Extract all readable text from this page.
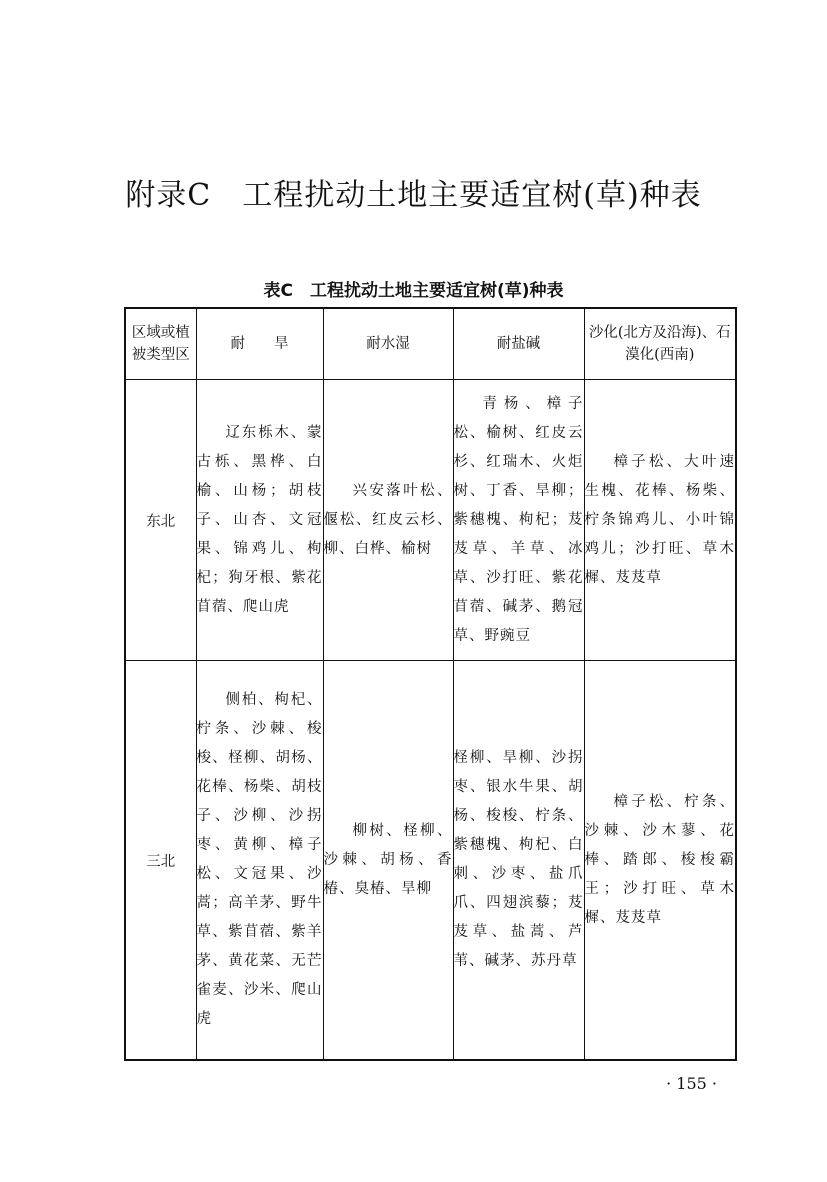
附录C　工程扰动土地主要适宜树(草)种表
表C　工程扰动土地主要适宜树(草)种表
区域或植被类型区	耐　　旱	耐水湿	耐盐碱	沙化(北方及沿海)、石漠化(西南)
东北	辽东栎木、蒙古栎、黑桦、白榆、山杨；胡枝子、山杏、文冠果、锦鸡儿、枸杞；狗牙根、紫花苜蓿、爬山虎	兴安落叶松、偃松、红皮云杉、柳、白桦、榆树	青杨、樟子松、榆树、红皮云杉、红瑞木、火炬树、丁香、旱柳；紫穗槐、枸杞；芨芨草、羊草、冰草、沙打旺、紫花苜蓿、碱茅、鹅冠草、野豌豆	樟子松、大叶速生槐、花棒、杨柴、柠条锦鸡儿、小叶锦鸡儿；沙打旺、草木樨、芨芨草
三北	侧柏、枸杞、柠条、沙棘、梭梭、柽柳、胡杨、花棒、杨柴、胡枝子、沙柳、沙拐枣、黄柳、樟子松、文冠果、沙蒿；高羊茅、野牛草、紫苜蓿、紫羊茅、黄花菜、无芒雀麦、沙米、爬山虎	柳树、柽柳、沙棘、胡杨、香椿、臭椿、旱柳	柽柳、旱柳、沙拐枣、银水牛果、胡杨、梭梭、柠条、紫穗槐、枸杞、白刺、沙枣、盐爪爪、四翅滨藜；芨芨草、盐蒿、芦苇、碱茅、苏丹草	樟子松、柠条、沙棘、沙木蓼、花棒、踏郎、梭梭霸王；沙打旺、草木樨、芨芨草
· 155 ·
